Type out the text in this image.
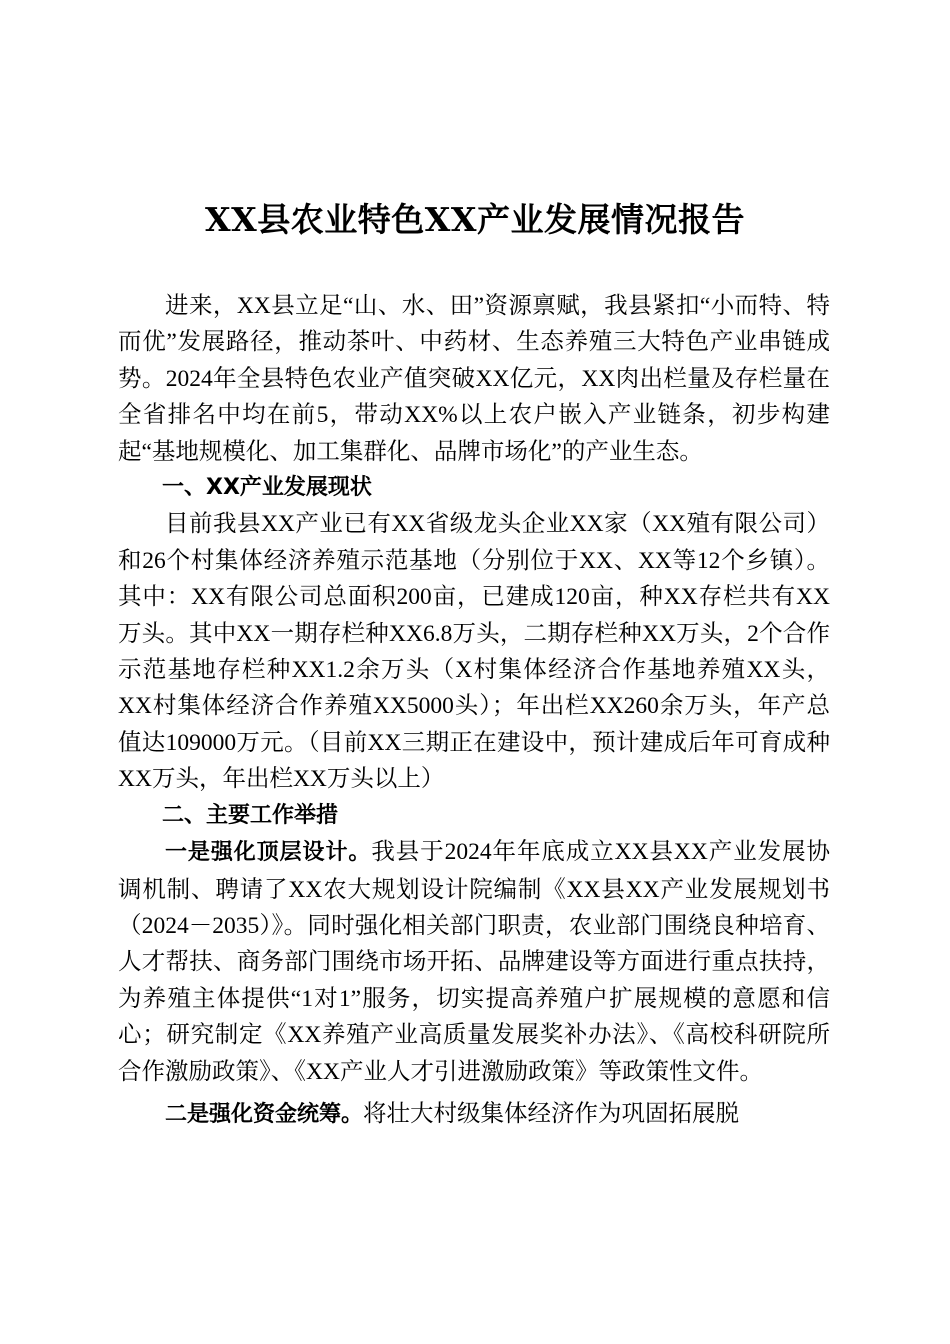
XX县农业特色XX产业发展情况报告

进来，XX县立足“山、水、田”资源禀赋，我县紧扣“小而特、特而优”发展路径，推动茶叶、中药材、生态养殖三大特色产业串链成势。2024年全县特色农业产值突破XX亿元，XX肉出栏量及存栏量在全省排名中均在前5，带动XX%以上农户嵌入产业链条，初步构建起“基地规模化、加工集群化、品牌市场化”的产业生态。

一、XX产业发展现状

目前我县XX产业已有XX省级龙头企业XX家（XX殖有限公司）和26个村集体经济养殖示范基地（分别位于XX、XX等12个乡镇）。其中：XX有限公司总面积200亩，已建成120亩，种XX存栏共有XX万头。其中XX一期存栏种XX6.8万头，二期存栏种XX万头，2个合作示范基地存栏种XX1.2余万头（X村集体经济合作基地养殖XX头，XX村集体经济合作养殖XX5000头）；年出栏XX260余万头，年产总值达109000万元。（目前XX三期正在建设中，预计建成后年可育成种XX万头，年出栏XX万头以上）

二、主要工作举措

一是强化顶层设计。我县于2024年年底成立XX县XX产业发展协调机制、聘请了XX农大规划设计院编制《XX县XX产业发展规划书（2024－2035）》。同时强化相关部门职责，农业部门围绕良种培育、人才帮扶、商务部门围绕市场开拓、品牌建设等方面进行重点扶持，为养殖主体提供“1对1”服务，切实提高养殖户扩展规模的意愿和信心；研究制定《XX养殖产业高质量发展奖补办法》、《高校科研院所合作激励政策》、《XX产业人才引进激励政策》等政策性文件。

二是强化资金统筹。将壮大村级集体经济作为巩固拓展脱
